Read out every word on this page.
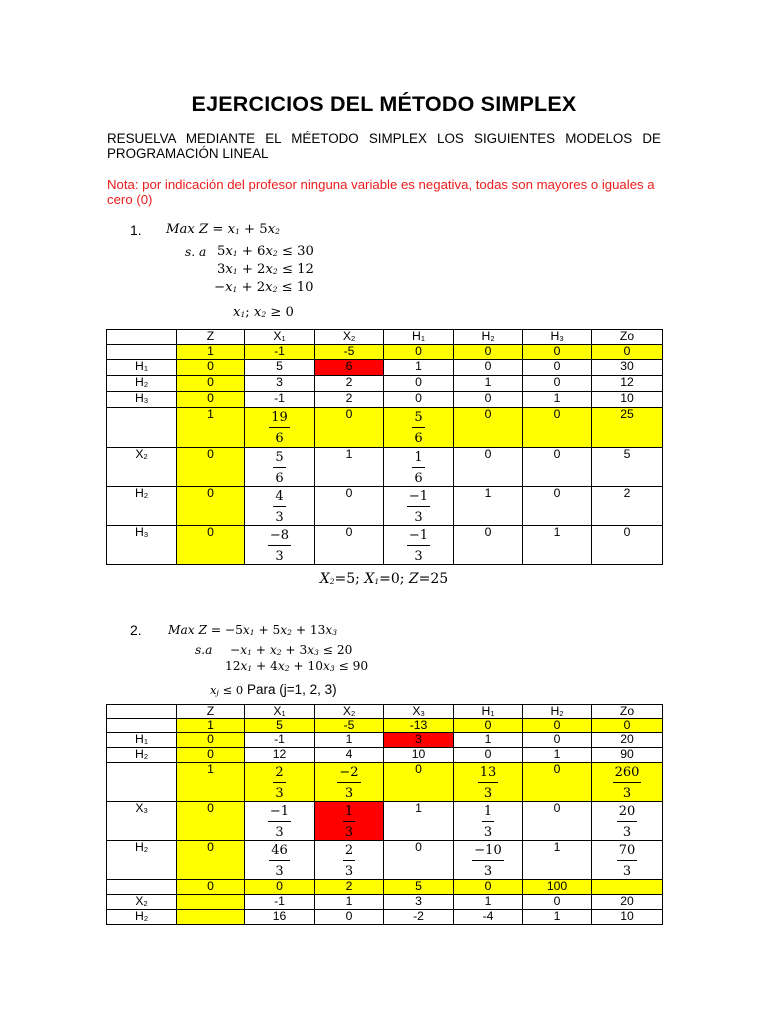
EJERCICIOS DEL MÉTODO SIMPLEX
RESUELVA MEDIANTE EL MÉETODO SIMPLEX LOS SIGUIENTES MODELOS DE PROGRAMACIÓN LINEAL
Nota: por indicación del profesor ninguna variable es negativa, todas son mayores o iguales a cero (0)
1. Max $Z = x_1 + 5x_2$
s. a $5x_1 + 6x_2 \le 30$
$3x_1 + 2x_2 \le 12$
$-x_1 + 2x_2 \le 10$
$x_1$; $x_2 \ge 0$
	Z	$X_1$	$X_2$	$H_1$	$H_2$	$H_3$	Zo
	1	-1	-5	0	0	0	0
$H_1$	0	5	6	1	0	0	30
$H_2$	0	3	2	0	1	0	12
$H_3$	0	-1	2	0	0	1	10
	1	$\frac{19}{6}$	0	$\frac{5}{6}$	0	0	25
$X_2$	0	$\frac{5}{6}$	1	$\frac{1}{6}$	0	0	5
$H_2$	0	$\frac{4}{3}$	0	$\frac{-1}{3}$	1	0	2
$H_3$	0	$\frac{-8}{3}$	0	$\frac{-1}{3}$	0	1	0
$X_2=5$; $X_1=0$; Z=25
2. Max $Z = -5x_1 + 5x_2 + 13x_3$
$s.a -x_1 + x_2 + 3x_3 \le 20$
$12x_1 + 4x_2 + 10x_3 \le 90$
$x_j \le 0$ Para (j=1, 2, 3)
	Z	$X_1$	$X_2$	$X_3$	$H_1$	$H_2$	Zo
	1	5	-5	-13	0	0	0
$H_1$	0	-1	1	3	1	0	20
$H_2$	0	12	4	10	0	1	90
	1	$\frac{2}{3}$	$\frac{-2}{3}$	0	$\frac{13}{3}$	0	$\frac{260}{3}$

$X_3$	0	$\frac{-1}{3}$	$\frac{1}{3}$	1	$\frac{1}{3}$	0	$\frac{20}{3}$

$H_2$	0	$\frac{46}{3}$	$\frac{2}{3}$	0	$\frac{-10}{3}$	1	$\frac{70}{3}$

	0	0	2	5	0	100	
$X_2$		-1	1	3	1	0	20
$H_2$		16	0	-2	-4	1	10
